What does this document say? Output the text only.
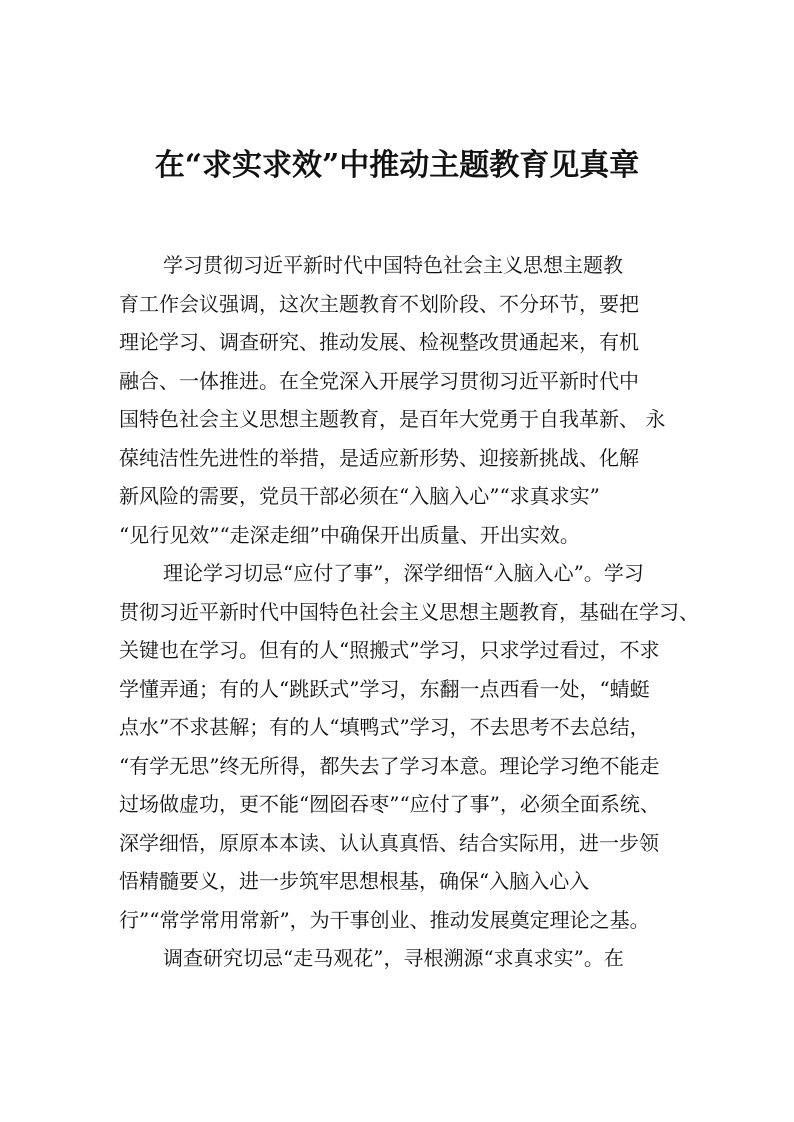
在“求实求效”中推动主题教育见真章
学习贯彻习近平新时代中国特色社会主义思想主题教
育工作会议强调，这次主题教育不划阶段、不分环节，要把
理论学习、调查研究、推动发展、检视整改贯通起来，有机
融合、一体推进。在全党深入开展学习贯彻习近平新时代中
国特色社会主义思想主题教育，是百年大党勇于自我革新、 永
葆纯洁性先进性的举措，是适应新形势、迎接新挑战、化解
新风险的需要，党员干部必须在“入脑入心”“求真求实”
“见行见效”“走深走细”中确保开出质量、开出实效。
理论学习切忌“应付了事”，深学细悟“入脑入心”。学习
贯彻习近平新时代中国特色社会主义思想主题教育，基础在学习、
关键也在学习。但有的人“照搬式”学习，只求学过看过，不求
学懂弄通；有的人“跳跃式”学习，东翻一点西看一处，“蜻蜓
点水”不求甚解；有的人“填鸭式”学习，不去思考不去总结，
“有学无思”终无所得，都失去了学习本意。理论学习绝不能走
过场做虚功，更不能“囫囵吞枣”“应付了事”，必须全面系统、
深学细悟，原原本本读、认认真真悟、结合实际用，进一步领
悟精髓要义，进一步筑牢思想根基，确保“入脑入心入
行”“常学常用常新”，为干事创业、推动发展奠定理论之基。
调查研究切忌“走马观花”，寻根溯源“求真求实”。在
